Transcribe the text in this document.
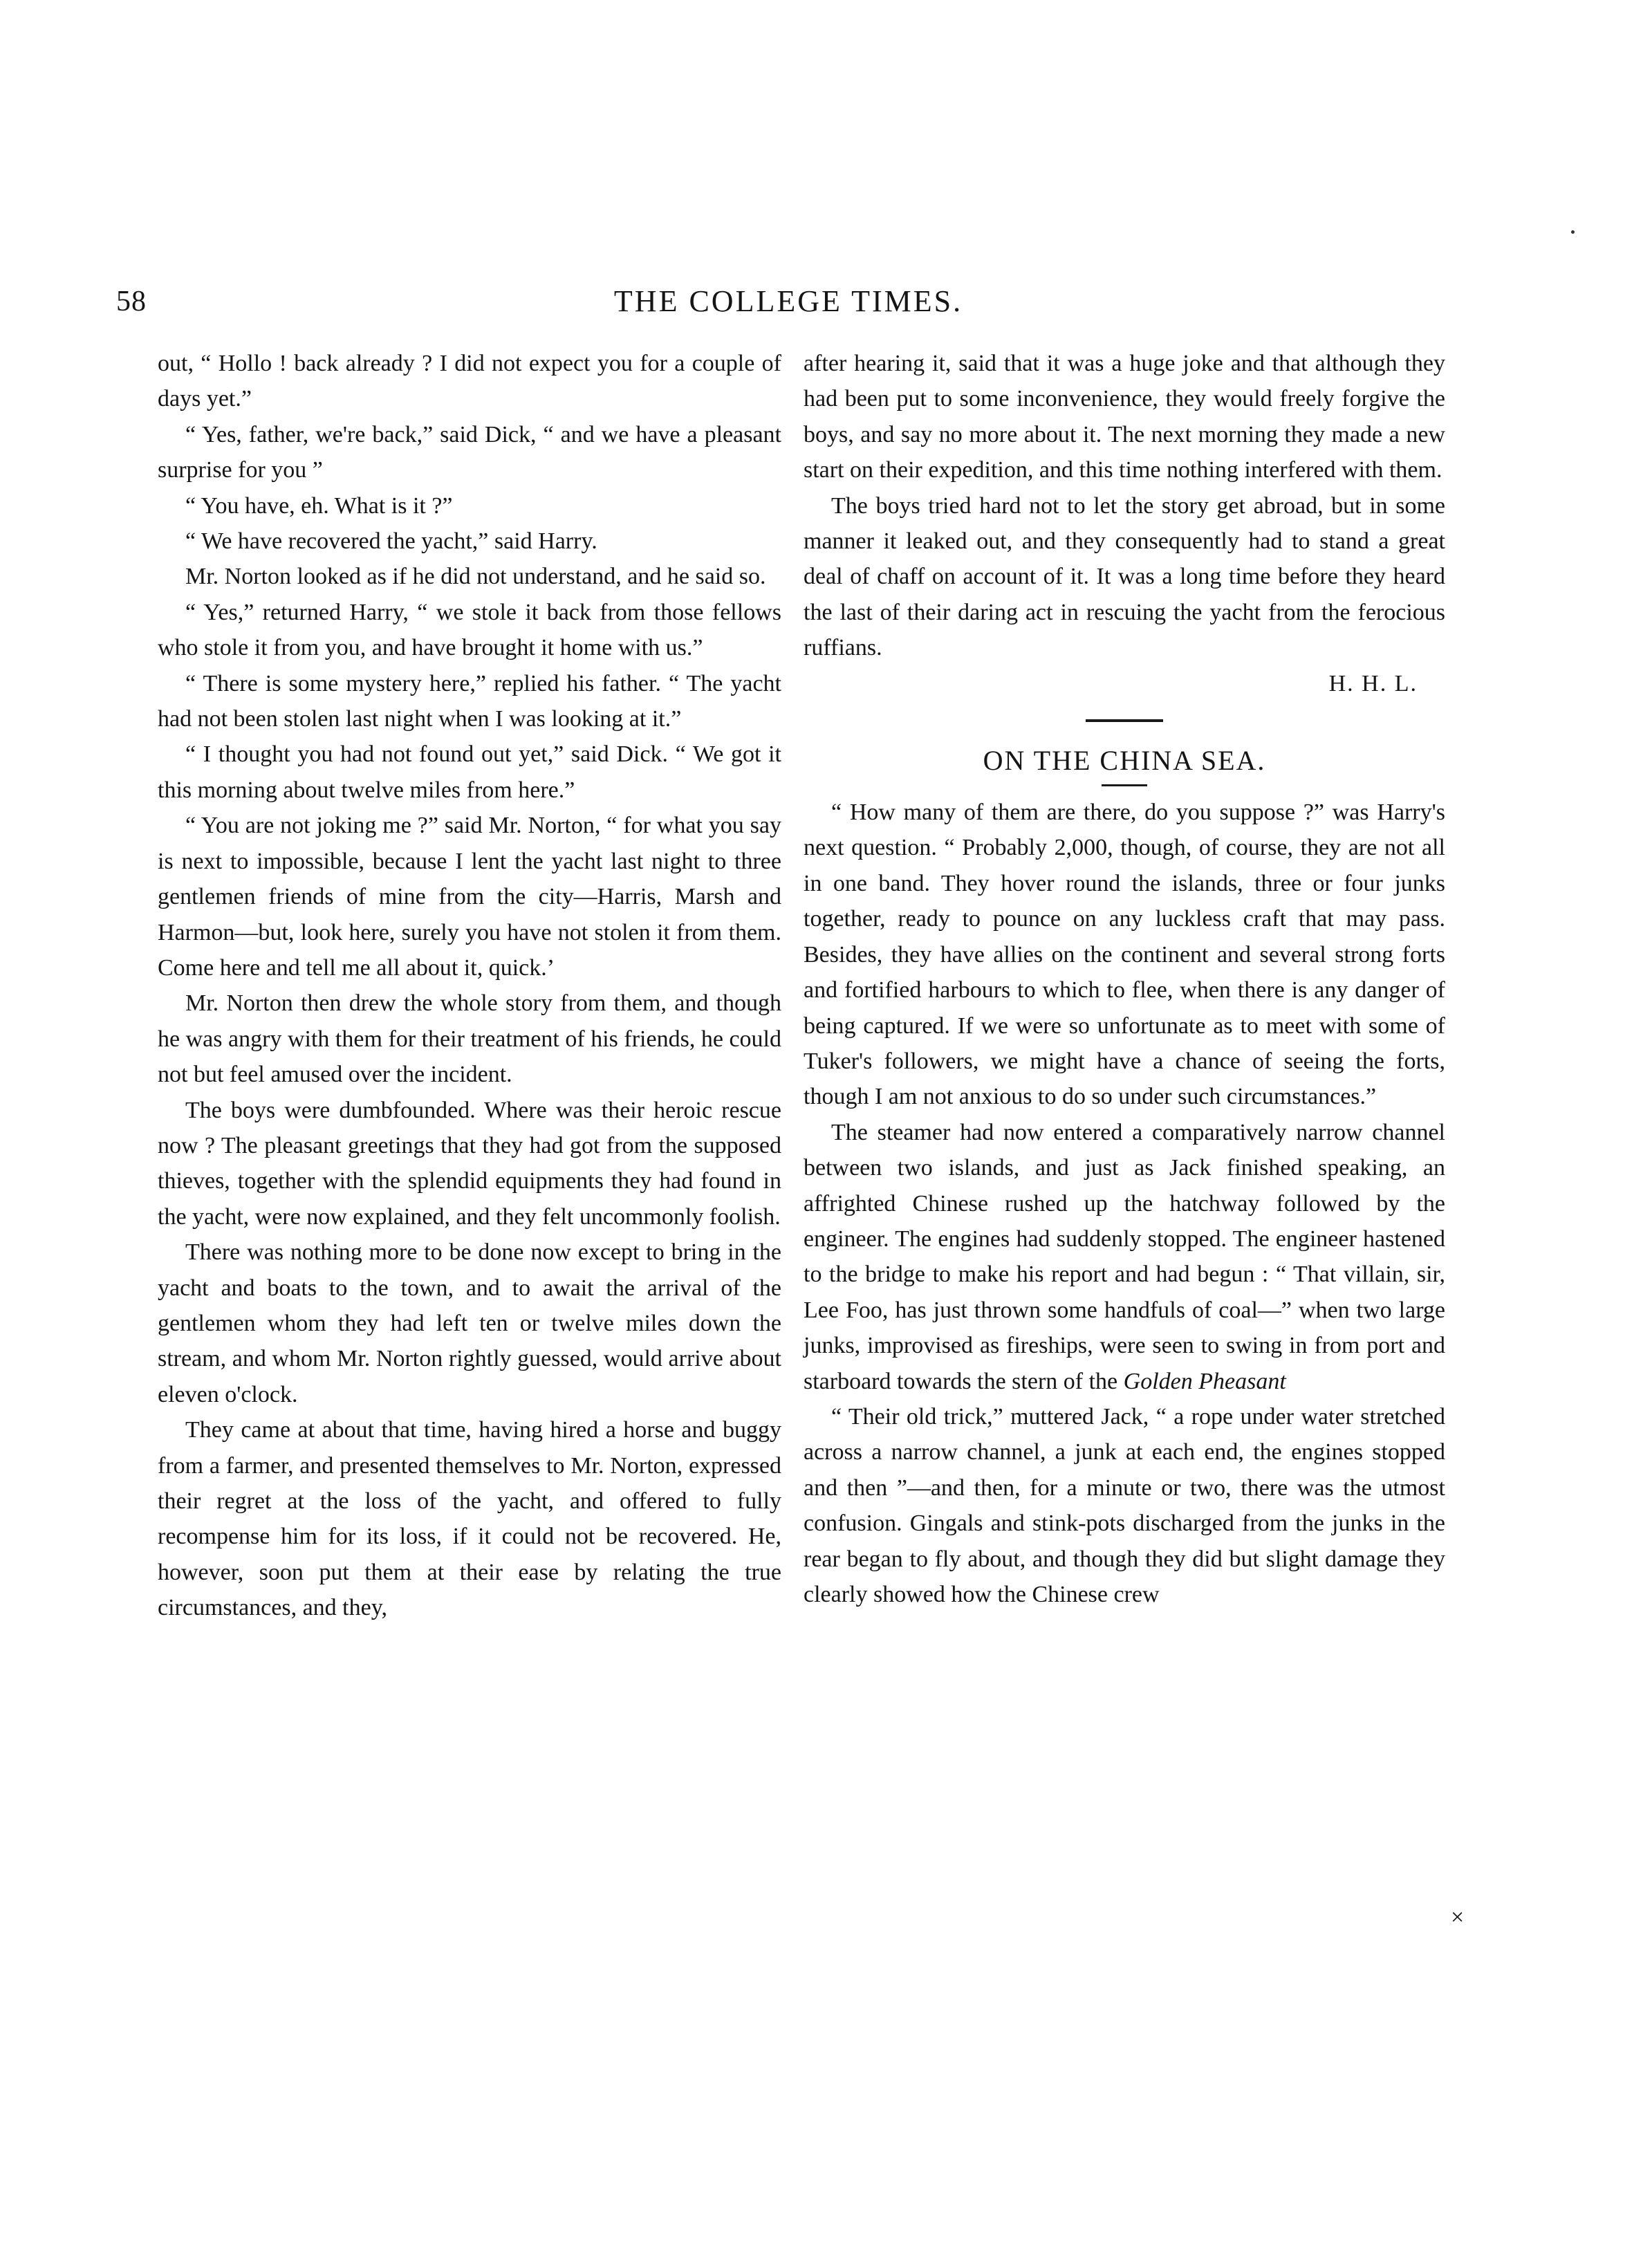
58	THE COLLEGE TIMES.

out, “ Hollo ! back already ? I did not expect you for a couple of days yet.”

“ Yes, father, we're back,” said Dick, “ and we have a pleasant surprise for you ”

“ You have, eh. What is it ?”

“ We have recovered the yacht,” said Harry.

Mr. Norton looked as if he did not understand, and he said so.

“ Yes,” returned Harry, “ we stole it back from those fellows who stole it from you, and have brought it home with us.”

“ There is some mystery here,” replied his father. “ The yacht had not been stolen last night when I was looking at it.”

“ I thought you had not found out yet,” said Dick. “ We got it this morning about twelve miles from here.”

“ You are not joking me ?” said Mr. Norton, “ for what you say is next to impossible, because I lent the yacht last night to three gentlemen friends of mine from the city—Harris, Marsh and Harmon—but, look here, surely you have not stolen it from them. Come here and tell me all about it, quick.’

Mr. Norton then drew the whole story from them, and though he was angry with them for their treatment of his friends, he could not but feel amused over the incident.

The boys were dumbfounded. Where was their heroic rescue now ? The pleasant greetings that they had got from the supposed thieves, together with the splendid equipments they had found in the yacht, were now explained, and they felt uncommonly foolish.

There was nothing more to be done now except to bring in the yacht and boats to the town, and to await the arrival of the gentlemen whom they had left ten or twelve miles down the stream, and whom Mr. Norton rightly guessed, would arrive about eleven o'clock.

They came at about that time, having hired a horse and buggy from a farmer, and presented themselves to Mr. Norton, expressed their regret at the loss of the yacht, and offered to fully recompense him for its loss, if it could not be recovered. He, however, soon put them at their ease by relating the true circumstances, and they,

after hearing it, said that it was a huge joke and that although they had been put to some inconvenience, they would freely forgive the boys, and say no more about it. The next morning they made a new start on their expedition, and this time nothing interfered with them.

The boys tried hard not to let the story get abroad, but in some manner it leaked out, and they consequently had to stand a great deal of chaff on account of it. It was a long time before they heard the last of their daring act in rescuing the yacht from the ferocious ruffians.

H. H. L.

ON THE CHINA SEA.

“ How many of them are there, do you suppose ?” was Harry's next question. “ Probably 2,000, though, of course, they are not all in one band. They hover round the islands, three or four junks together, ready to pounce on any luckless craft that may pass. Besides, they have allies on the continent and several strong forts and fortified harbours to which to flee, when there is any danger of being captured. If we were so unfortunate as to meet with some of Tuker's followers, we might have a chance of seeing the forts, though I am not anxious to do so under such circumstances.”

The steamer had now entered a comparatively narrow channel between two islands, and just as Jack finished speaking, an affrighted Chinese rushed up the hatchway followed by the engineer. The engines had suddenly stopped. The engineer hastened to the bridge to make his report and had begun : “ That villain, sir, Lee Foo, has just thrown some handfuls of coal—” when two large junks, improvised as fireships, were seen to swing in from port and starboard towards the stern of the Golden Pheasant

“ Their old trick,” muttered Jack, “ a rope under water stretched across a narrow channel, a junk at each end, the engines stopped and then ”—and then, for a minute or two, there was the utmost confusion. Gingals and stink-pots discharged from the junks in the rear began to fly about, and though they did but slight damage they clearly showed how the Chinese crew

×
